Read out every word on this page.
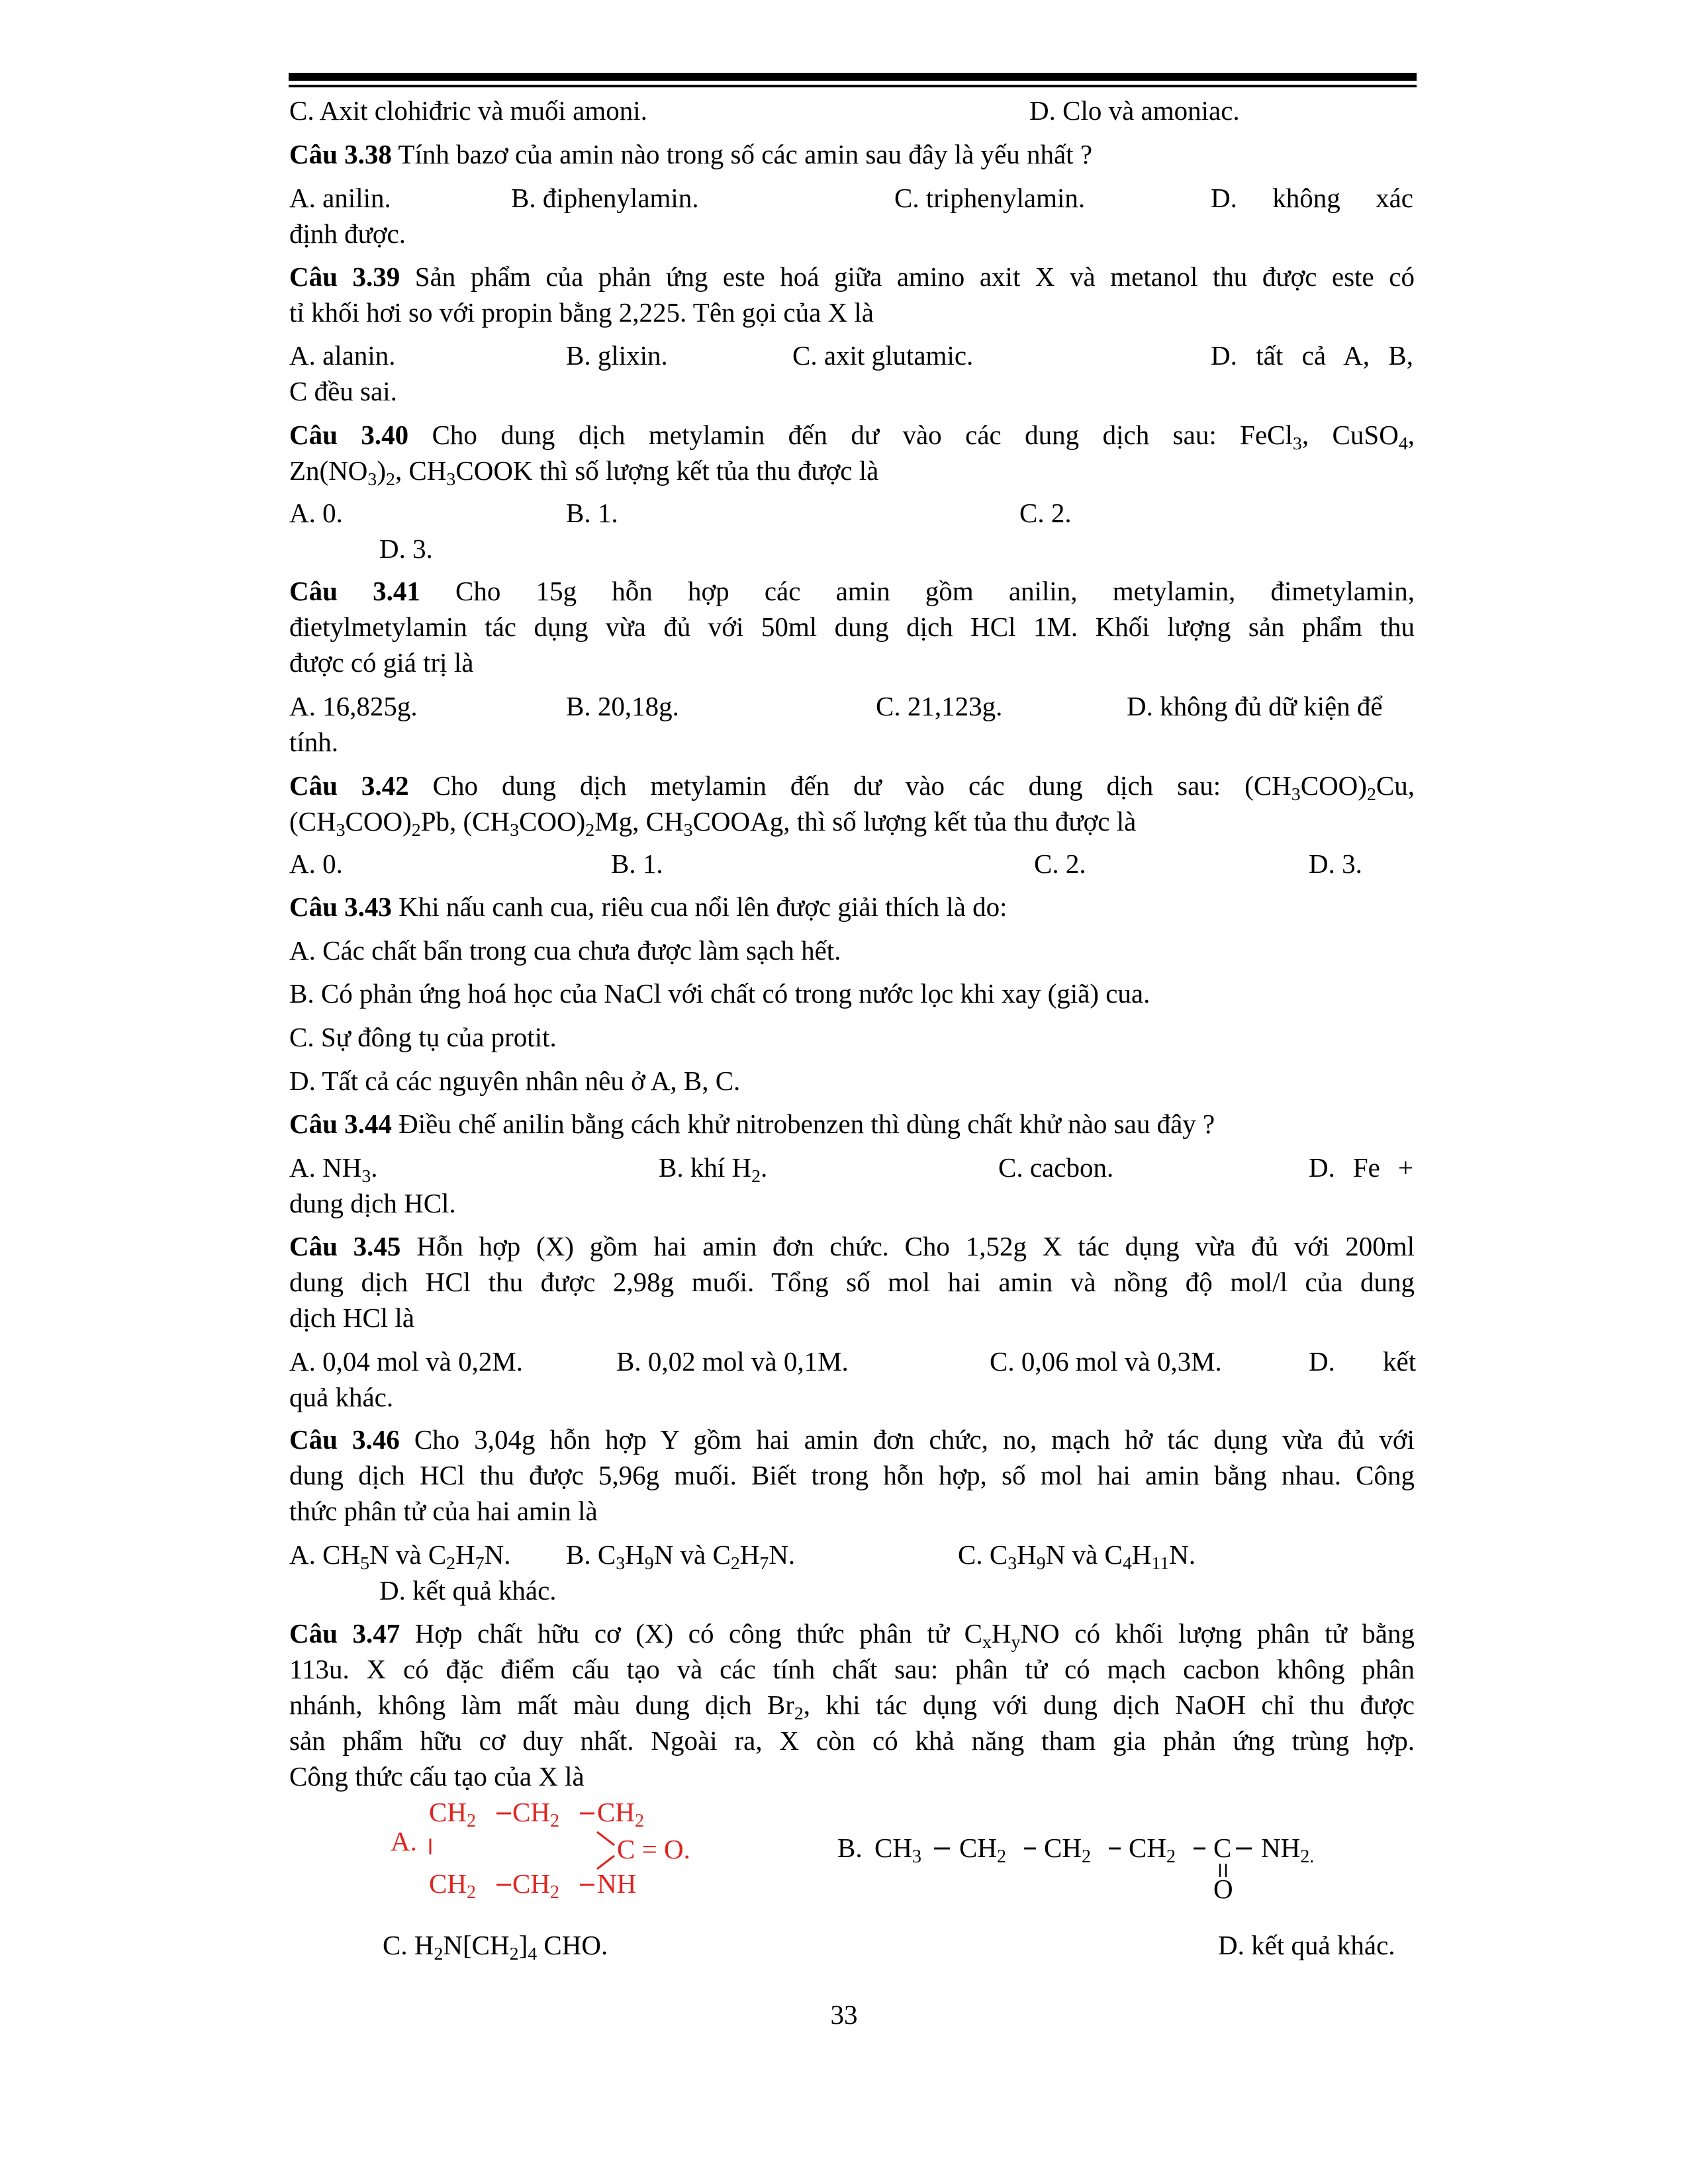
C. Axit clohiđric và muối amoni.	D. Clo và amoniac.
Câu 3.38 Tính bazơ của amin nào trong số các amin sau đây là yếu nhất ?
A. anilin.	B. điphenylamin.	C. triphenylamin.	D. không xác
định được.
Câu 3.39 Sản phẩm của phản ứng este hoá giữa amino axit X và metanol thu được este có
tỉ khối hơi so với propin bằng 2,225. Tên gọi của X là
A. alanin.	B. glixin.	C. axit glutamic.	D. tất cả A, B,
C đều sai.
Câu 3.40 Cho dung dịch metylamin đến dư vào các dung dịch sau: FeCl$_3$, CuSO$_4$,
$Zn(NO_3)_2$, $CH_3COOK$ thì số lượng kết tủa thu được là
A. 0.	B. 1.	C. 2.
D. 3.
Câu 3.41 Cho 15g hỗn hợp các amin gồm anilin, metylamin, đimetylamin,
đietylmetylamin tác dụng vừa đủ với 50ml dung dịch HCl 1M. Khối lượng sản phẩm thu
được có giá trị là
A. 16,825g.	B. 20,18g.	C. 21,123g.	D. không đủ dữ kiện để
tính.
Câu 3.42 Cho dung dịch metylamin đến dư vào các dung dịch sau: $(CH_3COO)_2Cu$,
$(CH_3COO)_2Pb$, $(CH_3COO)_2Mg$, $CH_3COOAg$, thì số lượng kết tủa thu được là
A. 0.	B. 1.	C. 2.	D. 3.
Câu 3.43 Khi nấu canh cua, riêu cua nổi lên được giải thích là do:
A. Các chất bẩn trong cua chưa được làm sạch hết.
B. Có phản ứng hoá học của NaCl với chất có trong nước lọc khi xay (giã) cua.
C. Sự đông tụ của protit.
D. Tất cả các nguyên nhân nêu ở A, B, C.
Câu 3.44 Điều chế anilin bằng cách khử nitrobenzen thì dùng chất khử nào sau đây ?
A. $NH_3$.	B. khí $H_2$.	C. cacbon.	D. Fe +
dung dịch HCl.
Câu 3.45 Hỗn hợp (X) gồm hai amin đơn chức. Cho 1,52g X tác dụng vừa đủ với 200ml
dung dịch HCl thu được 2,98g muối. Tổng số mol hai amin và nồng độ mol/l của dung
dịch HCl là
A. 0,04 mol và 0,2M.	B. 0,02 mol và 0,1M.	C. 0,06 mol và 0,3M.	D. kết
quả khác.
Câu 3.46 Cho 3,04g hỗn hợp Y gồm hai amin đơn chức, no, mạch hở tác dụng vừa đủ với
dung dịch HCl thu được 5,96g muối. Biết trong hỗn hợp, số mol hai amin bằng nhau. Công
thức phân tử của hai amin là
A. $CH_5N$ và $C_2H_7N$. B. $C_3H_9N$ và $C_2H_7N$.	C. $C_3H_9N$ và $C_4H_{11}N$.
D. kết quả khác.
Câu 3.47 Hợp chất hữu cơ (X) có công thức phân tử $C_xH_yNO$ có khối lượng phân tử bằng
113u. X có đặc điểm cấu tạo và các tính chất sau: phân tử có mạch cacbon không phân
nhánh, không làm mất màu dung dịch $Br_2$, khi tác dụng với dung dịch NaOH chỉ thu được
sản phẩm hữu cơ duy nhất. Ngoài ra, X còn có khả năng tham gia phản ứng trùng hợp.
Công thức cấu tạo của X là
A.
CH2 CH2 CH2
C = O.
CH2 CH2 NH
B. CH3 CH2 CH2 CH2 C NH2.
O
C. $H_2N[CH_2]_4$ CHO.	D. kết quả khác.
33
